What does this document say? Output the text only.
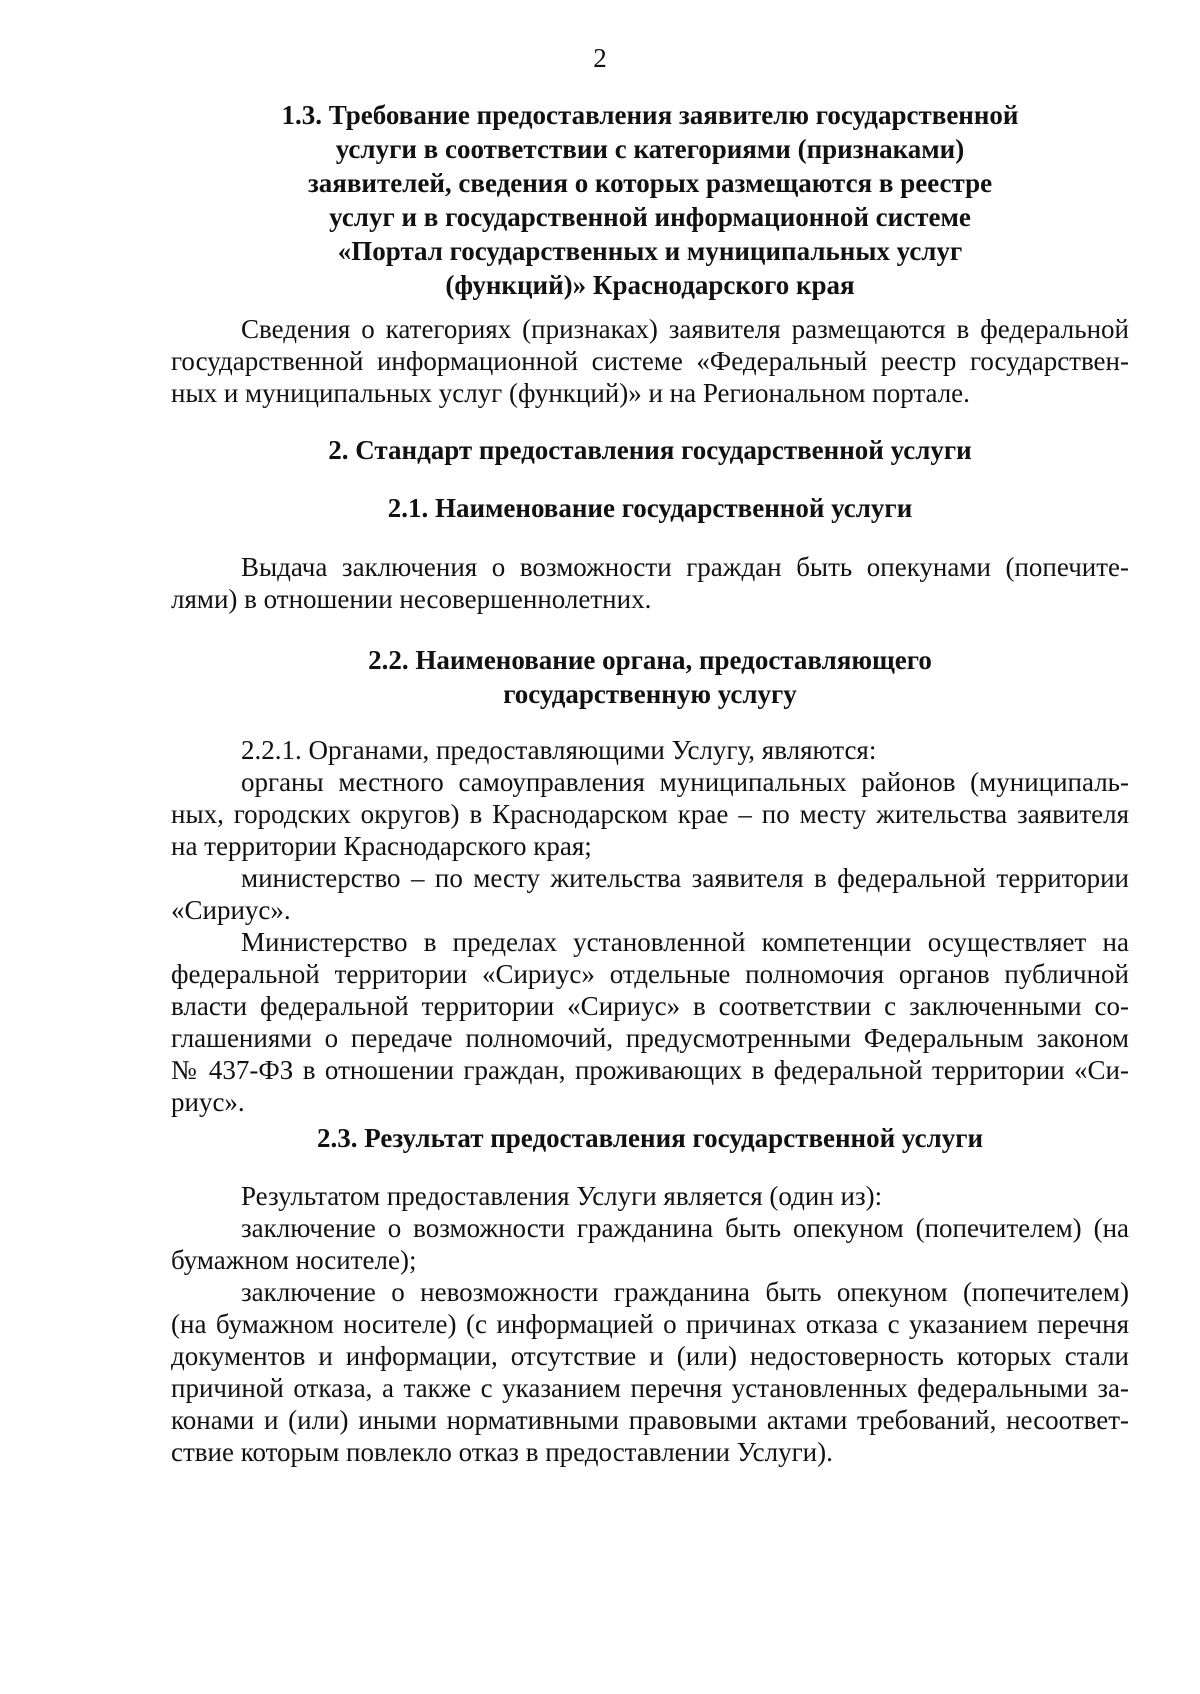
2
1.3. Требование предоставления заявителю государственной
услуги в соответствии с категориями (признаками)
заявителей, сведения о которых размещаются в реестре
услуг и в государственной информационной системе
«Портал государственных и муниципальных услуг
(функций)» Краснодарского края
Сведения о категориях (признаках) заявителя размещаются в федеральной
государственной информационной системе «Федеральный реестр государствен-
ных и муниципальных услуг (функций)» и на Региональном портале.
2. Стандарт предоставления государственной услуги
2.1. Наименование государственной услуги
Выдача заключения о возможности граждан быть опекунами (попечите-
лями) в отношении несовершеннолетних.
2.2. Наименование органа, предоставляющего
государственную услугу
2.2.1. Органами, предоставляющими Услугу, являются:
органы местного самоуправления муниципальных районов (муниципаль-
ных, городских округов) в Краснодарском крае – по месту жительства заявителя
на территории Краснодарского края;
министерство – по месту жительства заявителя в федеральной территории
«Сириус».
Министерство в пределах установленной компетенции осуществляет на
федеральной территории «Сириус» отдельные полномочия органов публичной
власти федеральной территории «Сириус» в соответствии с заключенными со-
глашениями о передаче полномочий, предусмотренными Федеральным законом
№ 437-ФЗ в отношении граждан, проживающих в федеральной территории «Си-
риус».
2.3. Результат предоставления государственной услуги
Результатом предоставления Услуги является (один из):
заключение о возможности гражданина быть опекуном (попечителем) (на
бумажном носителе);
заключение о невозможности гражданина быть опекуном (попечителем)
(на бумажном носителе) (с информацией о причинах отказа с указанием перечня
документов и информации, отсутствие и (или) недостоверность которых стали
причиной отказа, а также с указанием перечня установленных федеральными за-
конами и (или) иными нормативными правовыми актами требований, несоответ-
ствие которым повлекло отказ в предоставлении Услуги).
